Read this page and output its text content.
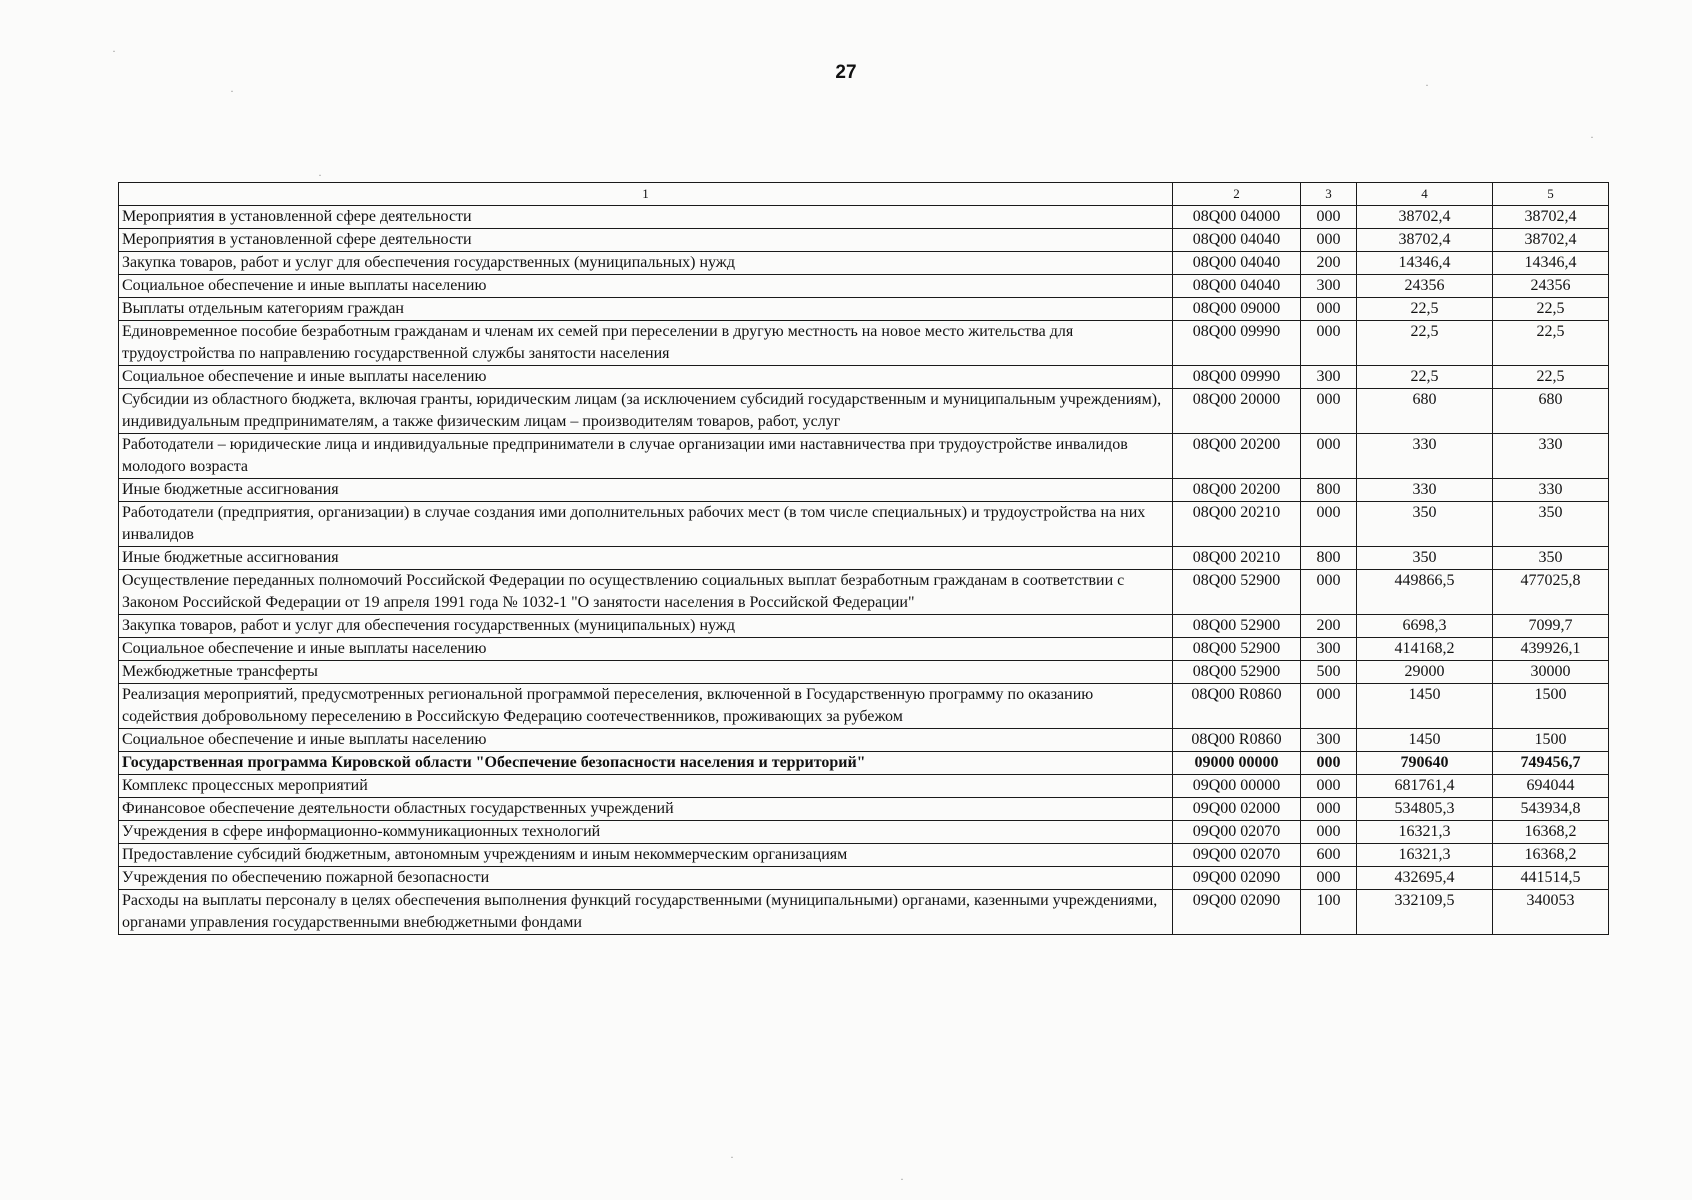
27
·
·	·
·
·
·
·
1	2	3	4	5
Мероприятия в установленной сфере деятельности	08Q00 04000	000	38702,4	38702,4
Мероприятия в установленной сфере деятельности	08Q00 04040	000	38702,4	38702,4
Закупка товаров, работ и услуг для обеспечения государственных (муниципальных) нужд	08Q00 04040	200	14346,4	14346,4
Социальное обеспечение и иные выплаты населению	08Q00 04040	300	24356	24356
Выплаты отдельным категориям граждан	08Q00 09000	000	22,5	22,5
Единовременное пособие безработным гражданам и членам их семей при переселении в другую местность на новое место жительства для трудоустройства по направлению государственной службы занятости населения	08Q00 09990	000	22,5	22,5
Социальное обеспечение и иные выплаты населению	08Q00 09990	300	22,5	22,5
Субсидии из областного бюджета, включая гранты, юридическим лицам (за исключением субсидий государственным и муниципальным учреждениям), индивидуальным предпринимателям, а также физическим лицам – производителям товаров, работ, услуг	08Q00 20000	000	680	680
Работодатели – юридические лица и индивидуальные предприниматели в случае организации ими наставничества при трудоустройстве инвалидов молодого возраста	08Q00 20200	000	330	330
Иные бюджетные ассигнования	08Q00 20200	800	330	330
Работодатели (предприятия, организации) в случае создания ими дополнительных рабочих мест (в том числе специальных) и трудоустройства на них инвалидов	08Q00 20210	000	350	350
Иные бюджетные ассигнования	08Q00 20210	800	350	350
Осуществление переданных полномочий Российской Федерации по осуществлению социальных выплат безработным гражданам в соответствии с Законом Российской Федерации от 19 апреля 1991 года № 1032-1 "О занятости населения в Российской Федерации"	08Q00 52900	000	449866,5	477025,8
Закупка товаров, работ и услуг для обеспечения государственных (муниципальных) нужд	08Q00 52900	200	6698,3	7099,7
Социальное обеспечение и иные выплаты населению	08Q00 52900	300	414168,2	439926,1
Межбюджетные трансферты	08Q00 52900	500	29000	30000
Реализация мероприятий, предусмотренных региональной программой переселения, включенной в Государственную программу по оказанию содействия добровольному переселению в Российскую Федерацию соотечественников, проживающих за рубежом	08Q00 R0860	000	1450	1500
Социальное обеспечение и иные выплаты населению	08Q00 R0860	300	1450	1500
Государственная программа Кировской области "Обеспечение безопасности населения и территорий"	09000 00000	000	790640	749456,7
Комплекс процессных мероприятий	09Q00 00000	000	681761,4	694044
Финансовое обеспечение деятельности областных государственных учреждений	09Q00 02000	000	534805,3	543934,8
Учреждения в сфере информационно-коммуникационных технологий	09Q00 02070	000	16321,3	16368,2
Предоставление субсидий бюджетным, автономным учреждениям и иным некоммерческим организациям	09Q00 02070	600	16321,3	16368,2
Учреждения по обеспечению пожарной безопасности	09Q00 02090	000	432695,4	441514,5
Расходы на выплаты персоналу в целях обеспечения выполнения функций государственными (муниципальными) органами, казенными учреждениями, органами управления государственными внебюджетными фондами	09Q00 02090	100	332109,5	340053
